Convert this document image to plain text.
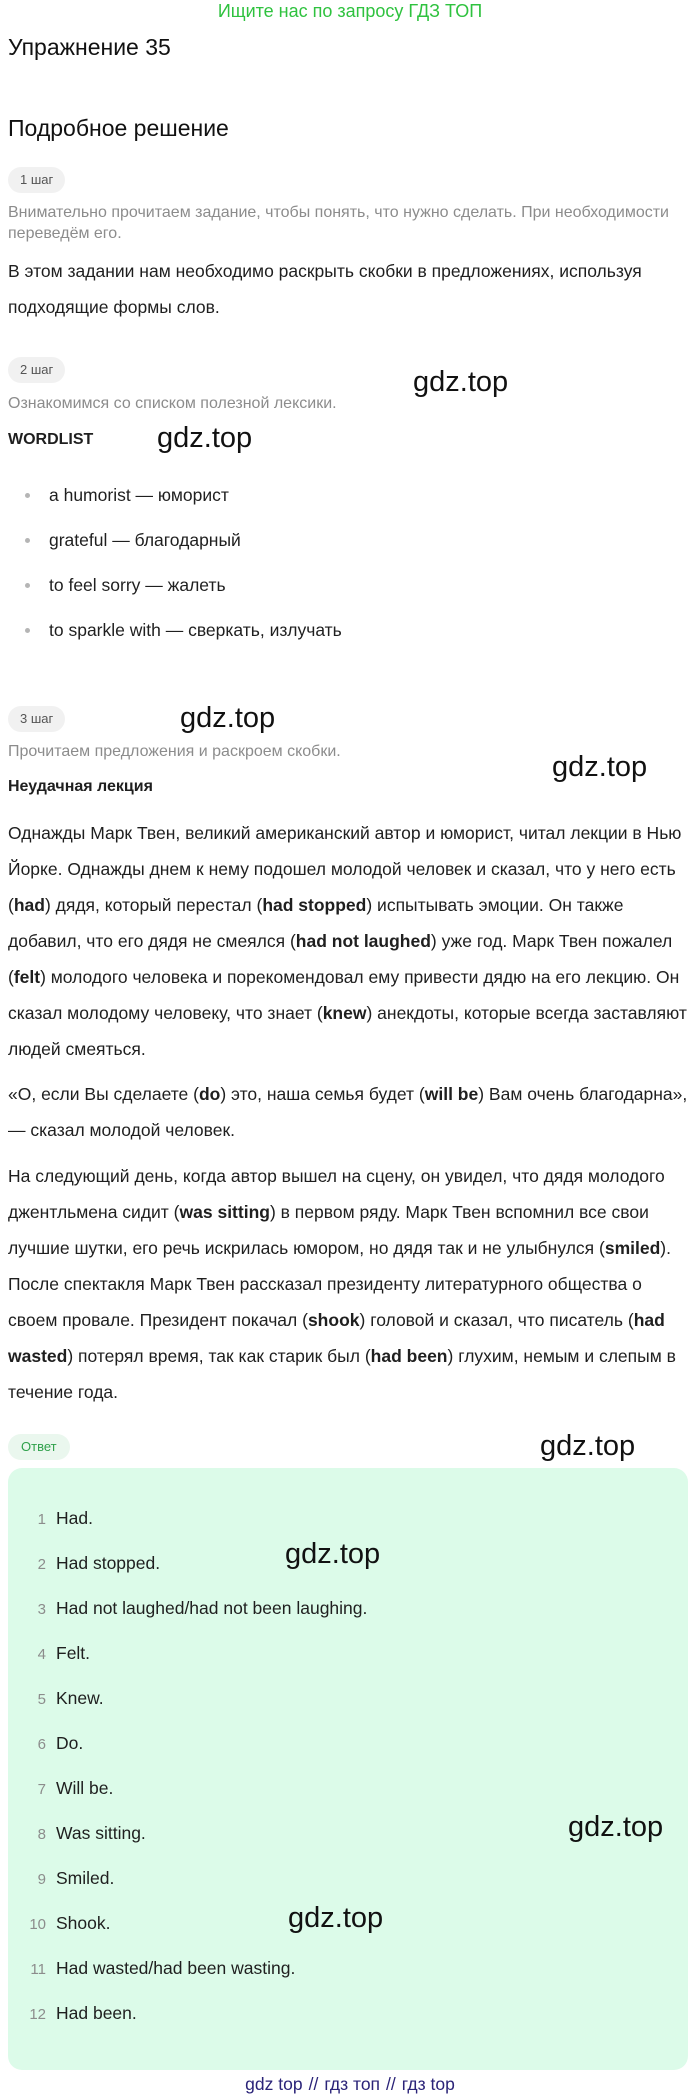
Ищите нас по запросу ГДЗ ТОП
Упражнение 35
Подробное решение
1 шаг
Внимательно прочитаем задание, чтобы понять, что нужно сделать. При необходимости переведём его.
В этом задании нам необходимо раскрыть скобки в предложениях, используя подходящие формы слов.
2 шаг
Ознакомимся со списком полезной лексики.
WORDLIST
a humorist — юморист
grateful — благодарный
to feel sorry — жалеть
to sparkle with — сверкать, излучать
3 шаг
Прочитаем предложения и раскроем скобки.
Неудачная лекция
Однажды Марк Твен, великий американский автор и юморист, читал лекции в Нью Йорке. Однажды днем к нему подошел молодой человек и сказал, что у него есть (had) дядя, который перестал (had stopped) испытывать эмоции. Он также добавил, что его дядя не смеялся (had not laughed) уже год. Марк Твен пожалел (felt) молодого человека и порекомендовал ему привести дядю на его лекцию. Он сказал молодому человеку, что знает (knew) анекдоты, которые всегда заставляют людей смеяться.
«О, если Вы сделаете (do) это, наша семья будет (will be) Вам очень благодарна», — сказал молодой человек.
На следующий день, когда автор вышел на сцену, он увидел, что дядя молодого джентльмена сидит (was sitting) в первом ряду. Марк Твен вспомнил все свои лучшие шутки, его речь искрилась юмором, но дядя так и не улыбнулся (smiled). После спектакля Марк Твен рассказал президенту литературного общества о своем провале. Президент покачал (shook) головой и сказал, что писатель (had wasted) потерял время, так как старик был (had been) глухим, немым и слепым в течение года.
Ответ
1 Had.
2 Had stopped.
3 Had not laughed/had not been laughing.
4 Felt.
5 Knew.
6 Do.
7 Will be.
8 Was sitting.
9 Smiled.
10 Shook.
11 Had wasted/had been wasting.
12 Had been.
gdz.top
gdz.top
gdz.top
gdz.top
gdz.top
gdz.top
gdz.top
gdz.top
gdz top // гдз топ // гдз top
